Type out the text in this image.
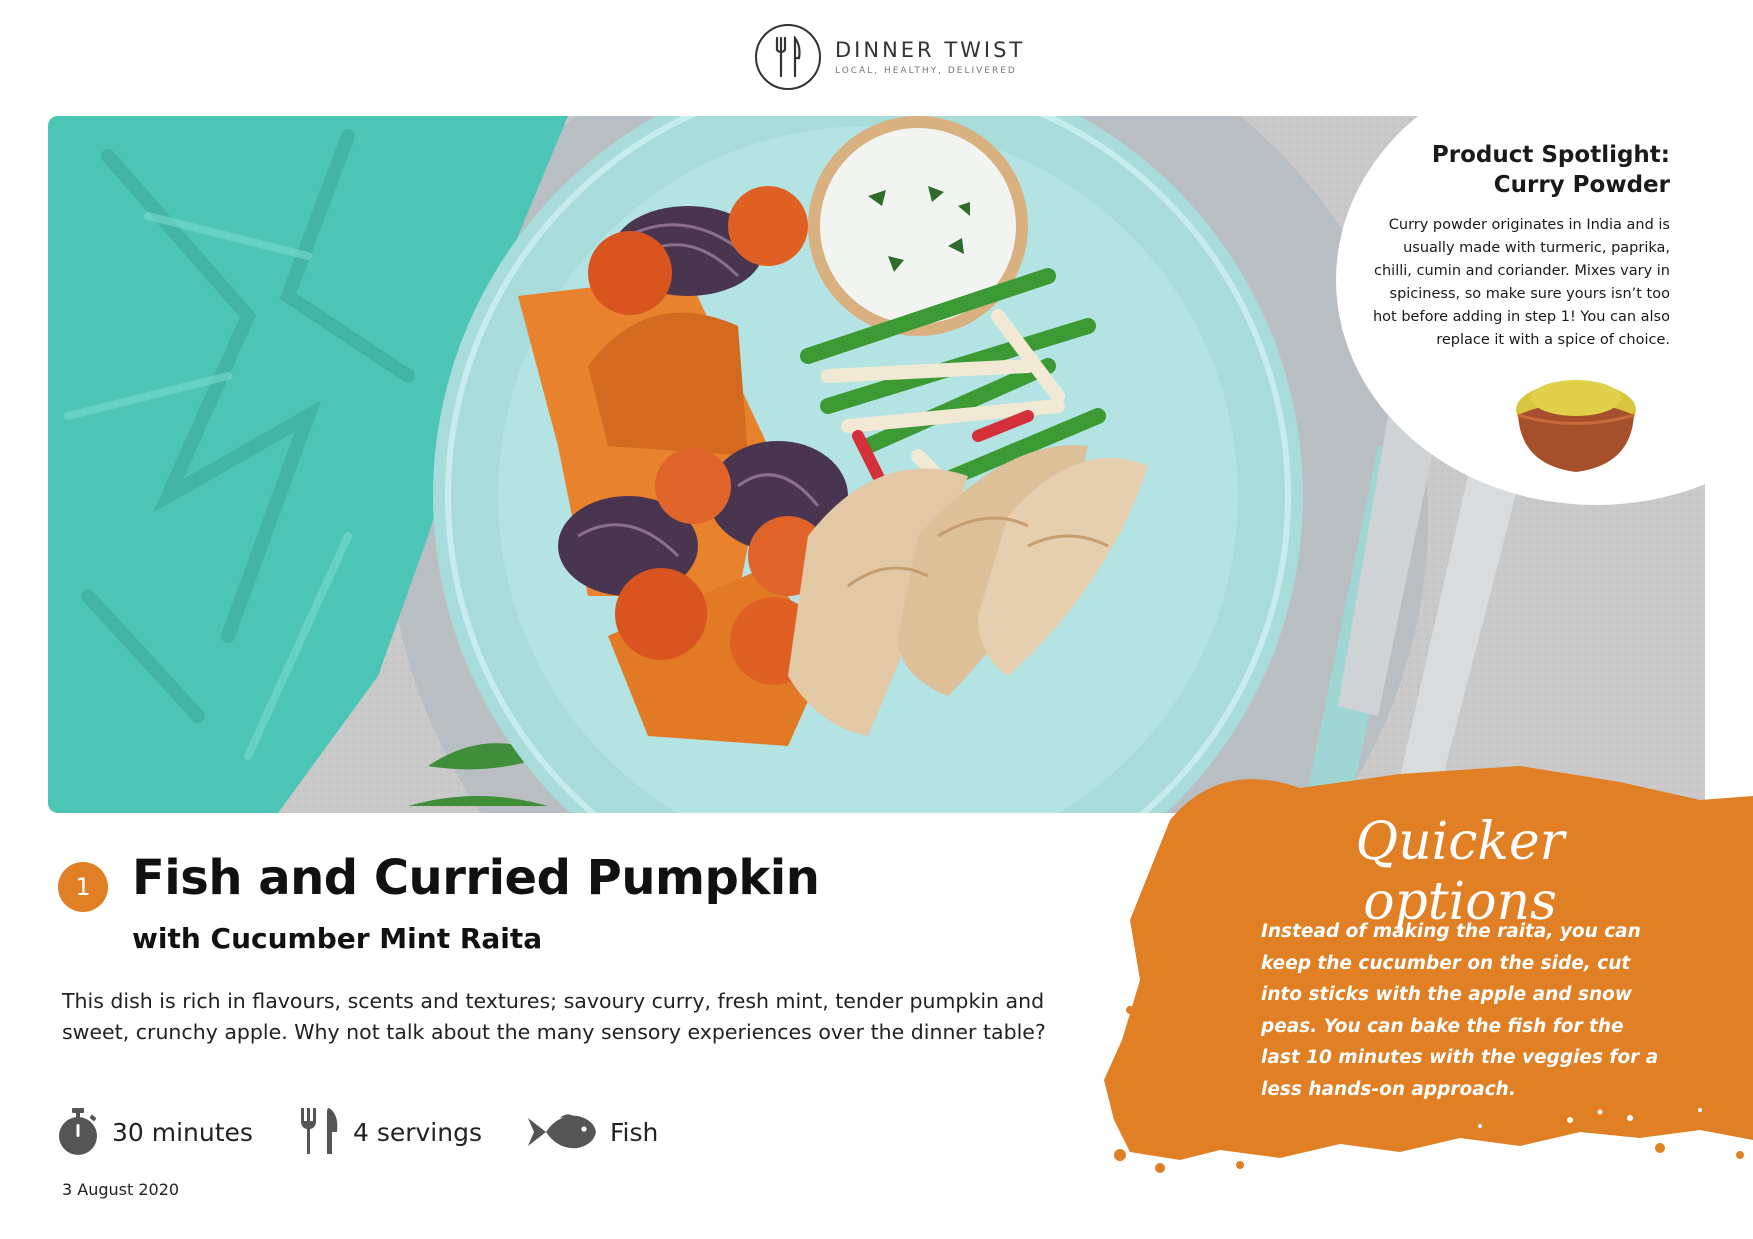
DINNER TWIST
LOCAL, HEALTHY, DELIVERED
Product Spotlight:
Curry Powder
Curry powder originates in India and is usually made with turmeric, paprika, chilli, cumin and coriander. Mixes vary in spiciness, so make sure yours isn’t too hot before adding in step 1! You can also replace it with a spice of choice.
1 Fish and Curried Pumpkin
with Cucumber Mint Raita
This dish is rich in flavours, scents and textures; savoury curry, fresh mint, tender pumpkin and sweet, crunchy apple. Why not talk about the many sensory experiences over the dinner table?
30 minutes	4 servings	Fish
3 August 2020
Quicker options
Instead of making the raita, you can keep the cucumber on the side, cut into sticks with the apple and snow peas. You can bake the fish for the last 10 minutes with the veggies for a less hands-on approach.
